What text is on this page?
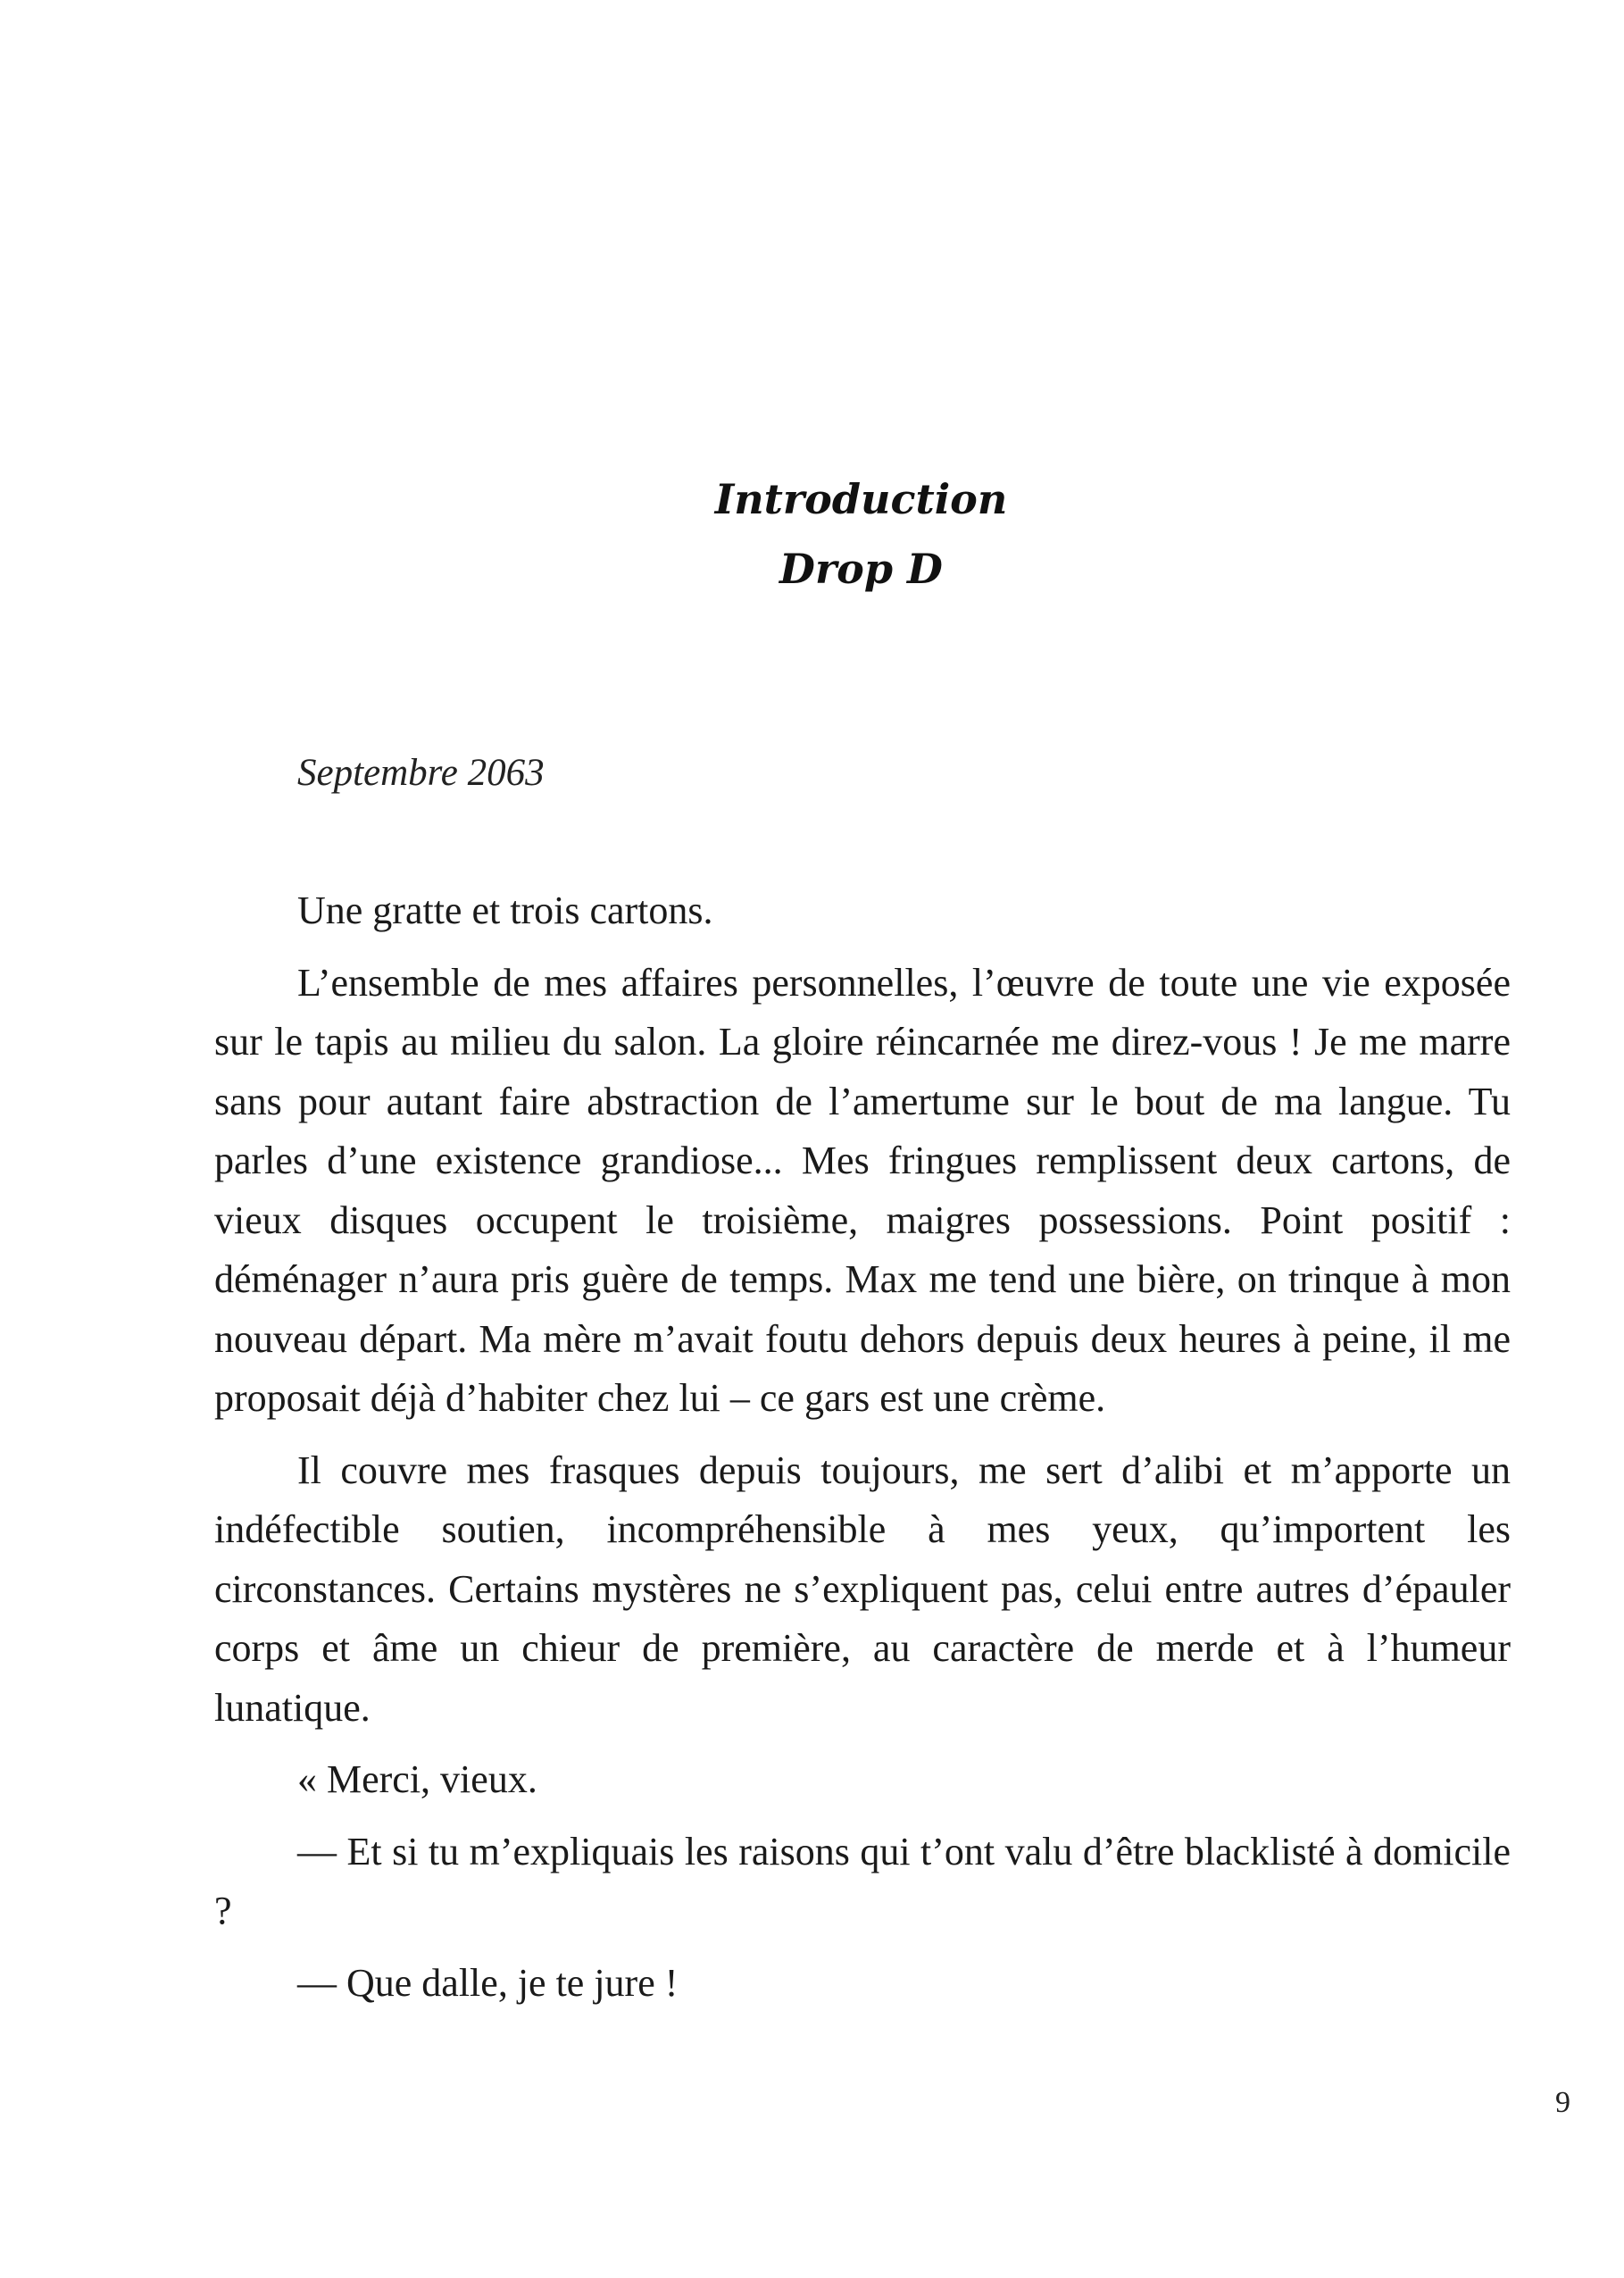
Introduction
Drop D
Septembre 2063

Une gratte et trois cartons.

L’ensemble de mes affaires personnelles, l’œuvre de toute une vie exposée sur le tapis au milieu du salon. La gloire réincarnée me direz-vous ! Je me marre sans pour autant faire abstraction de l’amertume sur le bout de ma langue. Tu parles d’une existence grandiose... Mes fringues remplissent deux cartons, de vieux disques occupent le troisième, maigres possessions. Point positif : déménager n’aura pris guère de temps. Max me tend une bière, on trinque à mon nouveau départ. Ma mère m’avait foutu dehors depuis deux heures à peine, il me proposait déjà d’habiter chez lui – ce gars est une crème.

Il couvre mes frasques depuis toujours, me sert d’alibi et m’apporte un indéfectible soutien, incompréhensible à mes yeux, qu’importent les circonstances. Certains mystères ne s’expliquent pas, celui entre autres d’épauler corps et âme un chieur de première, au caractère de merde et à l’humeur lunatique.

« Merci, vieux.

— Et si tu m’expliquais les raisons qui t’ont valu d’être blacklisté à domicile ?

— Que dalle, je te jure !

9
